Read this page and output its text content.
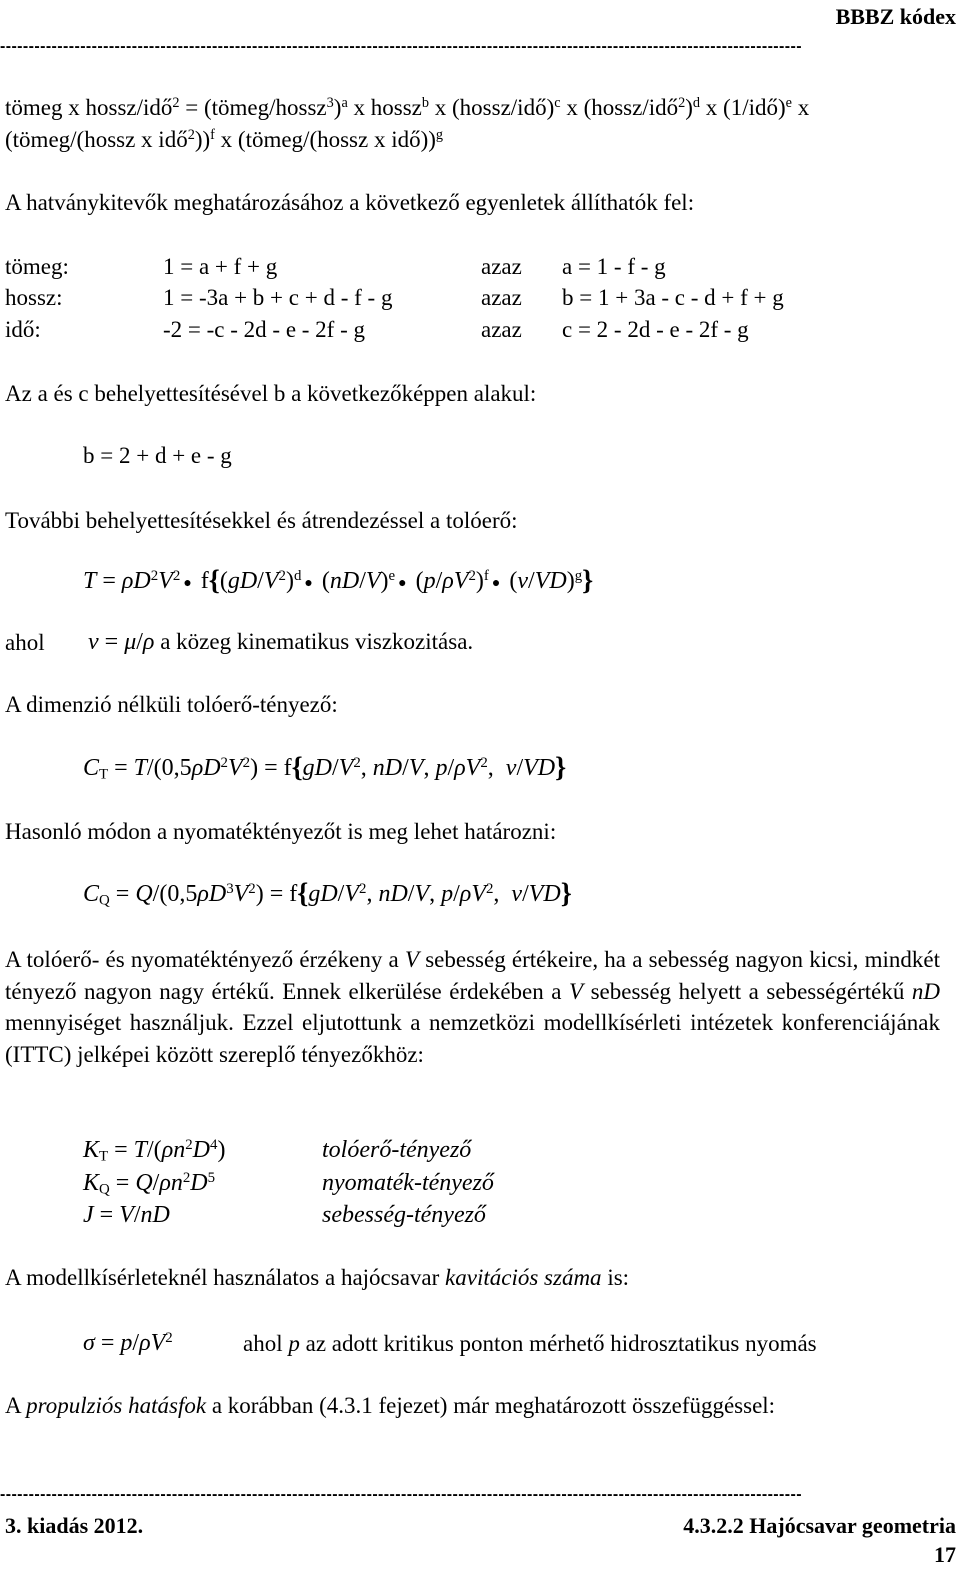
BBBZ kódex
--------------------------------------------------------------------------------------------------------------------------------------------
tömeg x hossz/idő$^2$ = (tömeg/hossz$^3$)$^a$ x hossz$^b$ x (hossz/idő)$^c$ x (hossz/idő$^2$)$^d$ x (1/idő)$^e$ x
(tömeg/(hossz x idő$^2$))$^f$ x (tömeg/(hossz x idő))$^g$
A hatványkitevők meghatározásához a következő egyenletek állíthatók fel:
tömeg:	1 = a + f + g	azaz a = 1 - f - g
hossz:	1 = -3a + b + c + d - f - g	azaz b = 1 + 3a - c - d + f + g
idő:	-2 = -c - 2d - e - 2f - g	azaz c = 2 - 2d - e - 2f - g
Az a és c behelyettesítésével b a következőképpen alakul:
b = 2 + d + e - g
További behelyettesítésekkel és átrendezéssel a tolóerő:
$T = \rho D^2V^2$ ● $f\{(gD/V^2)^d$ ● $(nD/V)^e$ ● $(p/\rho V^2)^f$ ● $(\nu/VD)^g$}
ahol ν = μ/ρ a közeg kinematikus viszkozitása.
A dimenzió nélküli tolóerő-tényező:
$C_T = T/(0,5\rho D^2V^2) = f\{gD/V^2$, nD/V, $p/\rho V^2$,  ν/VD}
Hasonló módon a nyomatéktényezőt is meg lehet határozni:
$C_Q = Q/(0,5\rho D^3V^2) = f\{gD/V^2$, nD/V, $p/\rho V^2$,  ν/VD}
A tolóerő- és nyomatéktényező érzékeny a V sebesség értékeire, ha a sebesség nagyon kicsi, mindkét tényező nagyon nagy értékű. Ennek elkerülése érdekében a V sebesség helyett a sebességértékű nD mennyiséget használjuk. Ezzel eljutottunk a nemzetközi modellkísérleti intézetek konferenciájának (ITTC) jelképei között szereplő tényezőkhöz:
$K_T = T/(\rho n^2D^4)$	tolóerő-tényező
$K_Q = Q/\rho n^2D^5$	nyomaték-tényező
J = V/nD	sebesség-tényező
A modellkísérleteknél használatos a hajócsavar kavitációs száma is:
$\sigma = p/\rho V^2$	ahol p az adott kritikus ponton mérhető hidrosztatikus nyomás
A propulziós hatásfok a korábban (4.3.1 fejezet) már meghatározott összefüggéssel:
--------------------------------------------------------------------------------------------------------------------------------------------
3. kiadás 2012.	4.3.2.2 Hajócsavar geometria
17
